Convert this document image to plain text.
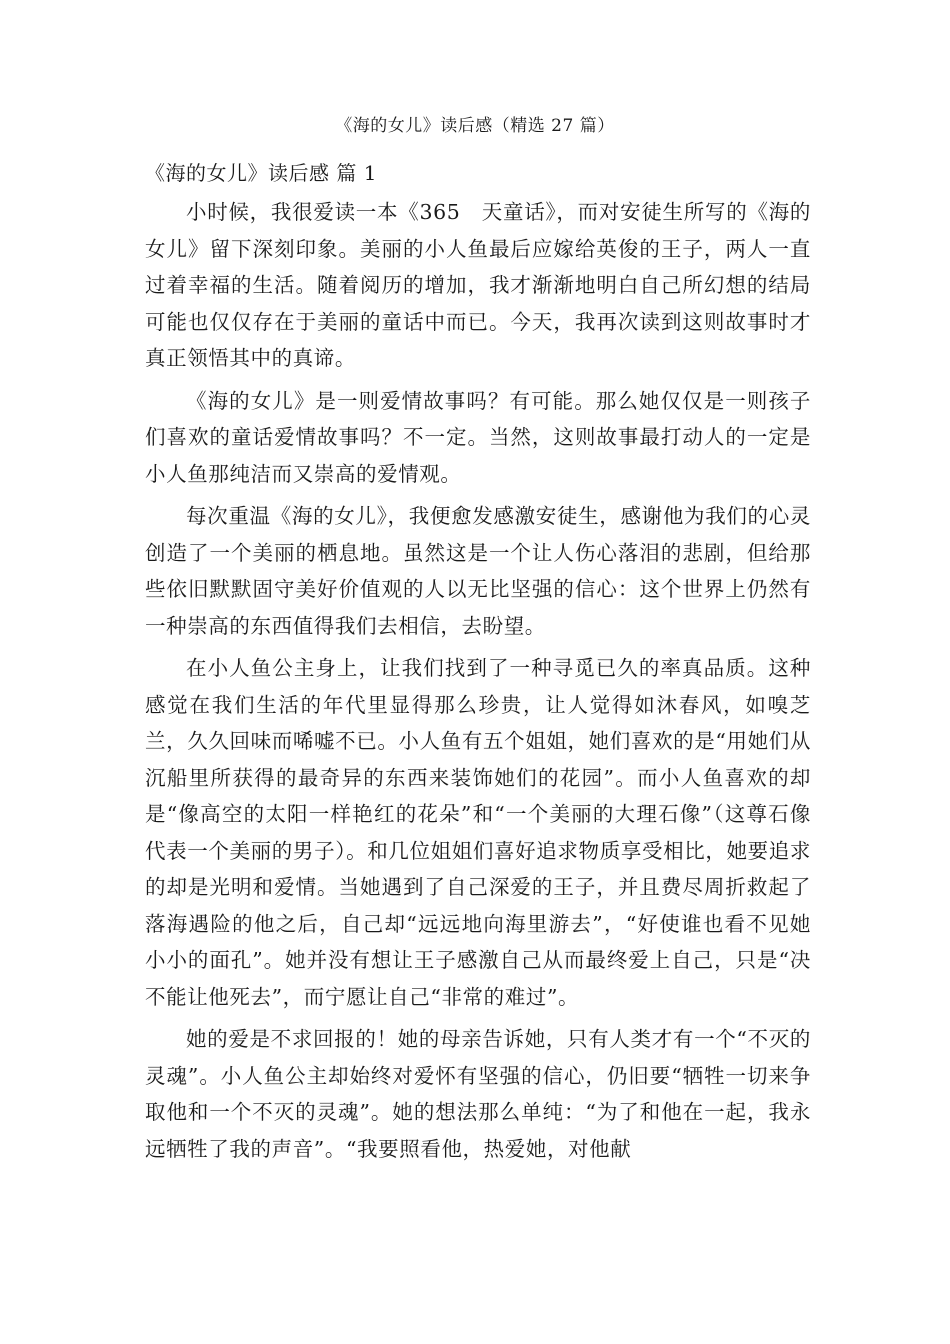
《海的女儿》读后感（精选 27 篇）
《海的女儿》读后感 篇 1

小时候，我很爱读一本《365　天童话》，而对安徒生所写的《海的女儿》留下深刻印象。美丽的小人鱼最后应嫁给英俊的王子，两人一直过着幸福的生活。随着阅历的增加，我才渐渐地明白自己所幻想的结局可能也仅仅存在于美丽的童话中而已。今天，我再次读到这则故事时才真正领悟其中的真谛。

《海的女儿》是一则爱情故事吗？有可能。那么她仅仅是一则孩子们喜欢的童话爱情故事吗？不一定。当然，这则故事最打动人的一定是小人鱼那纯洁而又崇高的爱情观。

每次重温《海的女儿》，我便愈发感激安徒生，感谢他为我们的心灵创造了一个美丽的栖息地。虽然这是一个让人伤心落泪的悲剧，但给那些依旧默默固守美好价值观的人以无比坚强的信心：这个世界上仍然有一种崇高的东西值得我们去相信，去盼望。

在小人鱼公主身上，让我们找到了一种寻觅已久的率真品质。这种感觉在我们生活的年代里显得那么珍贵，让人觉得如沐春风，如嗅芝兰，久久回味而唏嘘不已。小人鱼有五个姐姐，她们喜欢的是“用她们从沉船里所获得的最奇异的东西来装饰她们的花园”。而小人鱼喜欢的却是“像高空的太阳一样艳红的花朵”和“一个美丽的大理石像”（这尊石像代表一个美丽的男子）。和几位姐姐们喜好追求物质享受相比，她要追求的却是光明和爱情。当她遇到了自己深爱的王子，并且费尽周折救起了落海遇险的他之后，自己却“远远地向海里游去”，“好使谁也看不见她小小的面孔”。她并没有想让王子感激自己从而最终爱上自己，只是“决不能让他死去”，而宁愿让自己“非常的难过”。

她的爱是不求回报的！她的母亲告诉她，只有人类才有一个“不灭的灵魂”。小人鱼公主却始终对爱怀有坚强的信心，仍旧要“牺牲一切来争取他和一个不灭的灵魂”。她的想法那么单纯：“为了和他在一起，我永远牺牲了我的声音”。“我要照看他，热爱她，对他献
